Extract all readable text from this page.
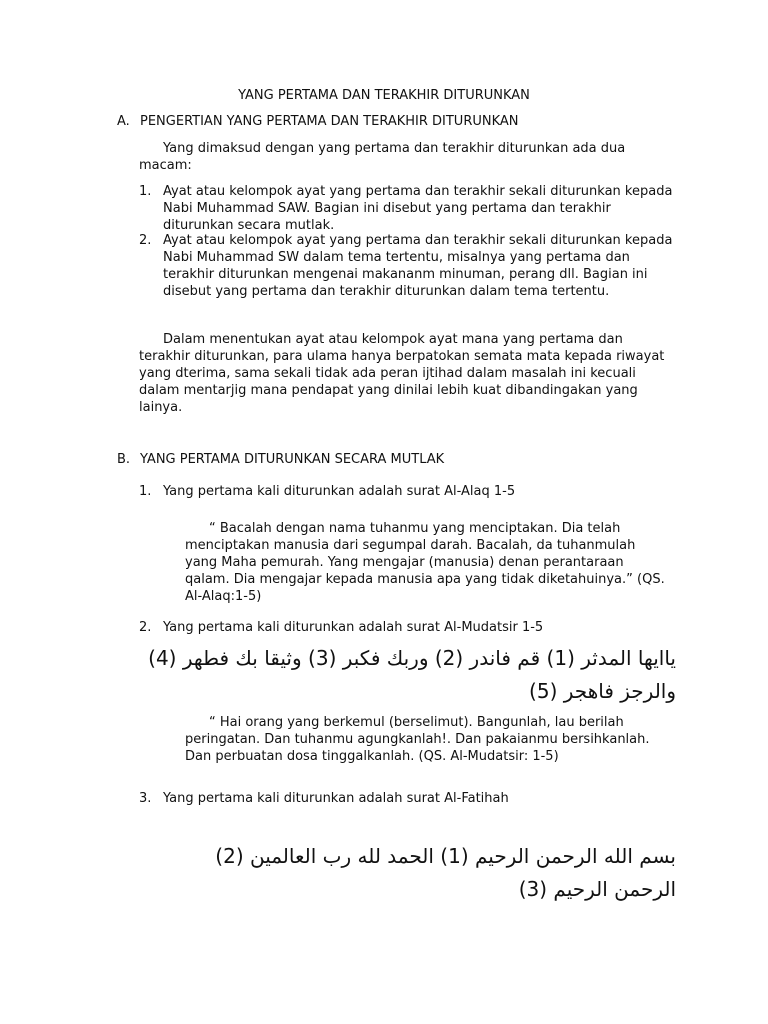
YANG PERTAMA DAN TERAKHIR DITURUNKAN
A. PENGERTIAN YANG PERTAMA DAN TERAKHIR DITURUNKAN
Yang dimaksud dengan yang pertama dan terakhir diturunkan ada dua macam:
1. Ayat atau kelompok ayat yang pertama dan terakhir sekali diturunkan kepada Nabi Muhammad SAW. Bagian ini disebut yang pertama dan terakhir diturunkan secara mutlak.
2. Ayat atau kelompok ayat yang pertama dan terakhir sekali diturunkan kepada Nabi Muhammad SW dalam tema tertentu, misalnya yang pertama dan terakhir diturunkan mengenai makananm minuman, perang dll. Bagian ini disebut yang pertama dan terakhir diturunkan dalam tema tertentu.
Dalam menentukan ayat atau kelompok ayat mana yang pertama dan terakhir diturunkan, para ulama hanya berpatokan semata mata kepada riwayat yang dterima, sama sekali tidak ada peran ijtihad dalam masalah ini kecuali dalam mentarjig mana pendapat yang dinilai lebih kuat dibandingakan yang lainya.
B. YANG PERTAMA DITURUNKAN SECARA MUTLAK
1. Yang pertama kali diturunkan adalah surat Al-Alaq 1-5
“ Bacalah dengan nama tuhanmu yang menciptakan. Dia telah menciptakan manusia dari segumpal darah. Bacalah, da tuhanmulah yang Maha pemurah. Yang mengajar (manusia) denan perantaraan qalam. Dia mengajar kepada manusia apa yang tidak diketahuinya.” (QS. Al-Alaq:1-5)
2. Yang pertama kali diturunkan adalah surat Al-Mudatsir 1-5
ياايها المدثر (1) قم فاندر (2) وربك فكبر (3) وثيقا بك فطهر (4) والرجز فاهجر (5)
“ Hai orang yang berkemul (berselimut). Bangunlah, lau berilah peringatan. Dan tuhanmu agungkanlah!. Dan pakaianmu bersihkanlah. Dan perbuatan dosa tinggalkanlah. (QS. Al-Mudatsir: 1-5)
3. Yang pertama kali diturunkan adalah surat Al-Fatihah
بسم الله الرحمن الرحيم (1) الحمد لله رب العالمين (2) الرحمن الرحيم (3)
